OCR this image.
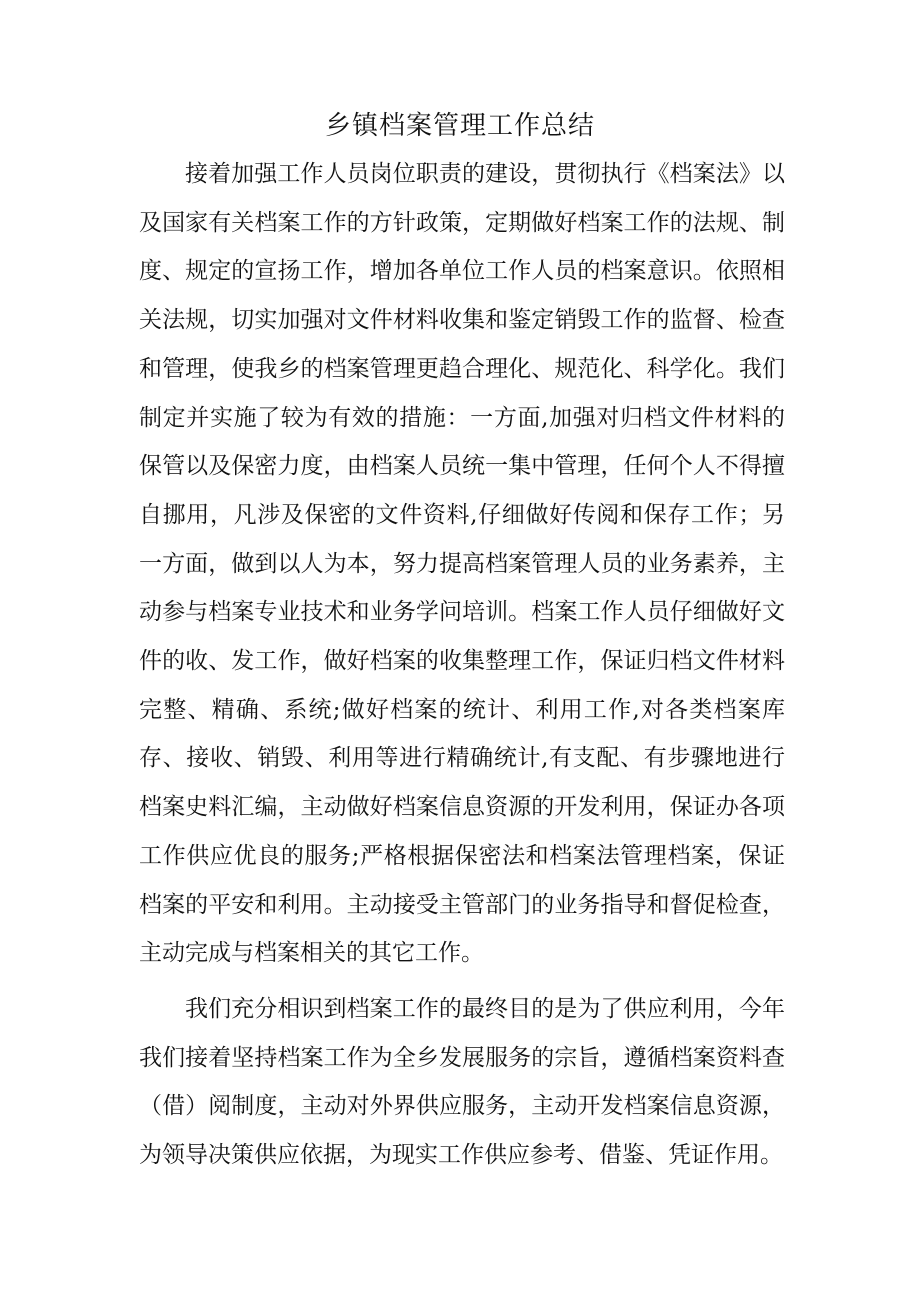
乡镇档案管理工作总结

接着加强工作人员岗位职责的建设，贯彻执行《档案法》以及国家有关档案工作的方针政策，定期做好档案工作的法规、制度、规定的宣扬工作，增加各单位工作人员的档案意识。依照相关法规，切实加强对文件材料收集和鉴定销毁工作的监督、检查和管理，使我乡的档案管理更趋合理化、规范化、科学化。我们制定并实施了较为有效的措施：一方面,加强对归档文件材料的保管以及保密力度，由档案人员统一集中管理，任何个人不得擅自挪用，凡涉及保密的文件资料,仔细做好传阅和保存工作；另一方面，做到以人为本，努力提高档案管理人员的业务素养，主动参与档案专业技术和业务学问培训。档案工作人员仔细做好文件的收、发工作，做好档案的收集整理工作，保证归档文件材料完整、精确、系统;做好档案的统计、利用工作,对各类档案库存、接收、销毁、利用等进行精确统计,有支配、有步骤地进行档案史料汇编，主动做好档案信息资源的开发利用，保证办各项工作供应优良的服务;严格根据保密法和档案法管理档案，保证档案的平安和利用。主动接受主管部门的业务指导和督促检查，主动完成与档案相关的其它工作。

我们充分相识到档案工作的最终目的是为了供应利用，今年我们接着坚持档案工作为全乡发展服务的宗旨，遵循档案资料查（借）阅制度，主动对外界供应服务，主动开发档案信息资源，为领导决策供应依据，为现实工作供应参考、借鉴、凭证作用。
